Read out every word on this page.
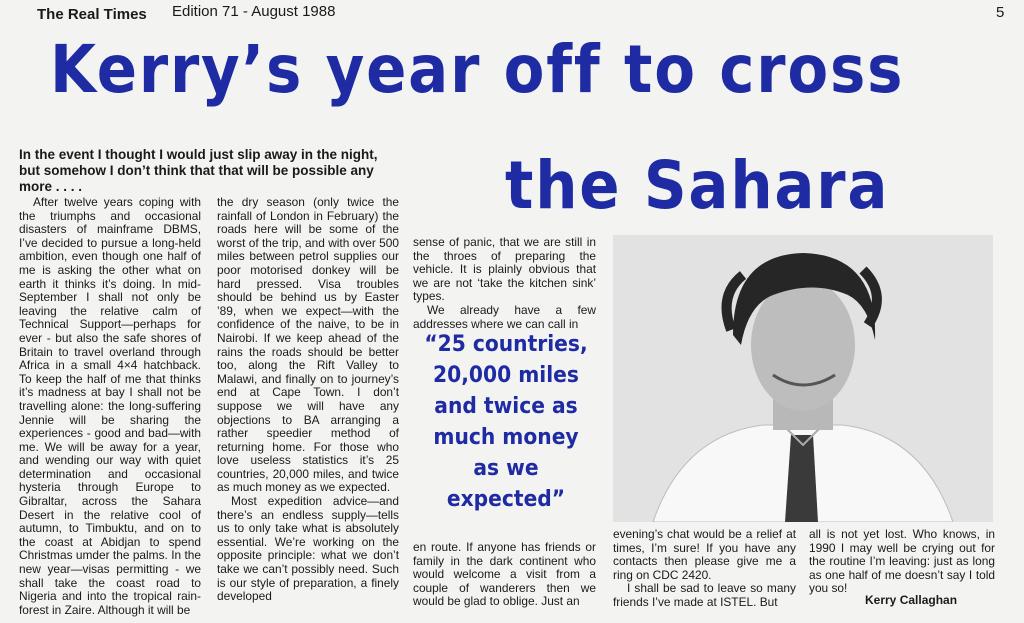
The Real Times Edition 71 - August 1988	5
Kerry’s year off to cross
the Sahara
In the event I thought I would just slip away in the night, but somehow I don’t think that that will be possible any more . . . .

After twelve years coping with the triumphs and occasional disasters of mainframe DBMS, I’ve decided to pursue a long-held ambition, even though one half of me is asking the other what on earth it thinks it’s doing. In mid-September I shall not only be leaving the relative calm of Technical Support—perhaps for ever - but also the safe shores of Britain to travel overland through Africa in a small 4×4 hatchback. To keep the half of me that thinks it’s madness at bay I shall not be travelling alone: the long-suffering Jennie will be sharing the experiences - good and bad—with me. We will be away for a year, and wending our way with quiet determination and occasional hysteria through Europe to Gibraltar, across the Sahara Desert in the relative cool of autumn, to Timbuktu, and on to the coast at Abidjan to spend Christmas umder the palms. In the new year—visas permitting - we shall take the coast road to Nigeria and into the tropical rain-forest in Zaire. Although it will be

the dry season (only twice the rainfall of London in February) the roads here will be some of the worst of the trip, and with over 500 miles between petrol supplies our poor motorised donkey will be hard pressed. Visa troubles should be behind us by Easter ’89, when we expect—with the confidence of the naive, to be in Nairobi. If we keep ahead of the rains the roads should be better too, along the Rift Valley to Malawi, and finally on to journey’s end at Cape Town. I don’t suppose we will have any objections to BA arranging a rather speedier method of returning home. For those who love useless statistics it’s 25 countries, 20,000 miles, and twice as much money as we expected.

Most expedition advice—and there’s an endless supply—tells us to only take what is absolutely essential. We’re working on the opposite principle: what we don’t take we can’t possibly need. Such is our style of preparation, a finely developed

sense of panic, that we are still in the throes of preparing the vehicle. It is plainly obvious that we are not ‘take the kitchen sink’ types.

We already have a few addresses where we can call in

“25 countries, 20,000 miles and twice as much money as we expected”

en route. If anyone has friends or family in the dark continent who would welcome a visit from a couple of wanderers then we would be glad to oblige. Just an

evening’s chat would be a relief at times, I’m sure! If you have any contacts then please give me a ring on CDC 2420.

I shall be sad to leave so many friends I’ve made at ISTEL. But

all is not yet lost. Who knows, in 1990 I may well be crying out for the routine I’m leaving: just as long as one half of me doesn’t say I told you so!

Kerry Callaghan
